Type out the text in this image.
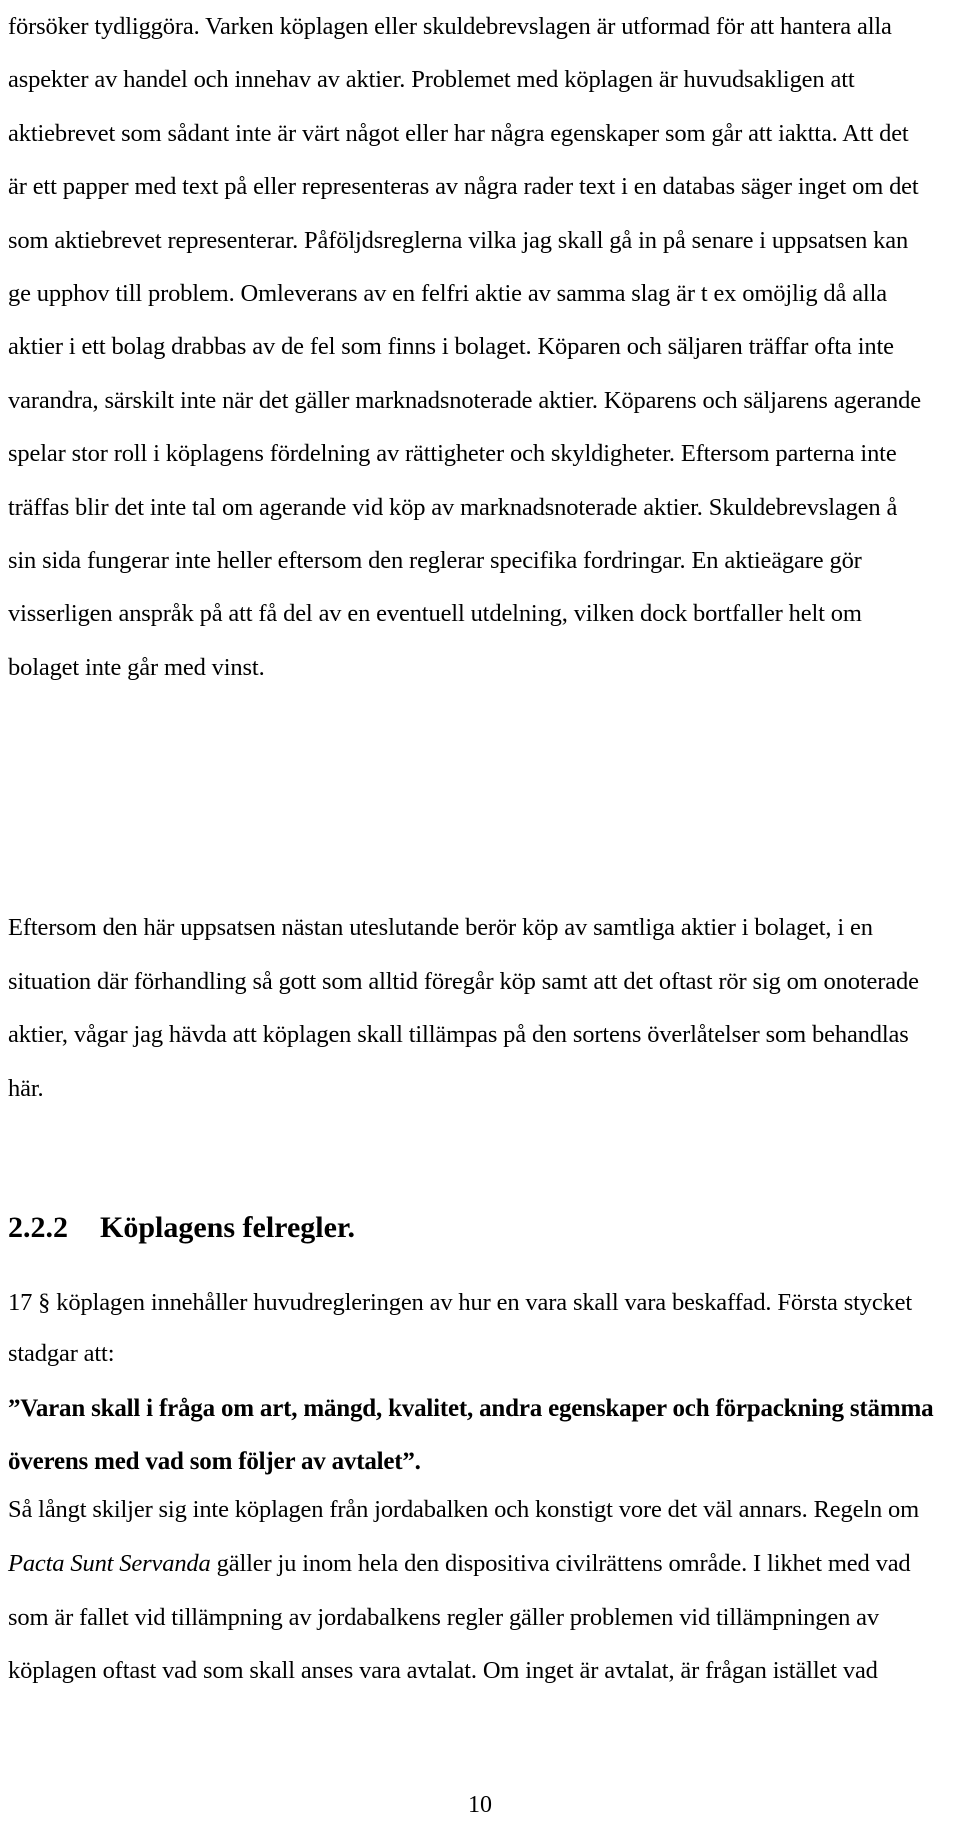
försöker tydliggöra. Varken köplagen eller skuldebrevslagen är utformad för att hantera alla aspekter av handel och innehav av aktier. Problemet med köplagen är huvudsakligen att aktiebrevet som sådant inte är värt något eller har några egenskaper som går att iaktta. Att det är ett papper med text på eller representeras av några rader text i en databas säger inget om det som aktiebrevet representerar. Påföljdsreglerna vilka jag skall gå in på senare i uppsatsen kan ge upphov till problem. Omleverans av en felfri aktie av samma slag är t ex omöjlig då alla aktier i ett bolag drabbas av de fel som finns i bolaget. Köparen och säljaren träffar ofta inte varandra, särskilt inte när det gäller marknadsnoterade aktier. Köparens och säljarens agerande spelar stor roll i köplagens fördelning av rättigheter och skyldigheter. Eftersom parterna inte träffas blir det inte tal om agerande vid köp av marknadsnoterade aktier. Skuldebrevslagen å sin sida fungerar inte heller eftersom den reglerar specifika fordringar. En aktieägare gör visserligen anspråk på att få del av en eventuell utdelning, vilken dock bortfaller helt om bolaget inte går med vinst.

Eftersom den här uppsatsen nästan uteslutande berör köp av samtliga aktier i bolaget, i en situation där förhandling så gott som alltid föregår köp samt att det oftast rör sig om onoterade aktier, vågar jag hävda att köplagen skall tillämpas på den sortens överlåtelser som behandlas här.

2.2.2 Köplagens felregler.

17 § köplagen innehåller huvudregleringen av hur en vara skall vara beskaffad. Första stycket stadgar att:

”Varan skall i fråga om art, mängd, kvalitet, andra egenskaper och förpackning stämma överens med vad som följer av avtalet”.

Så långt skiljer sig inte köplagen från jordabalken och konstigt vore det väl annars. Regeln om Pacta Sunt Servanda gäller ju inom hela den dispositiva civilrättens område. I likhet med vad som är fallet vid tillämpning av jordabalkens regler gäller problemen vid tillämpningen av köplagen oftast vad som skall anses vara avtalat. Om inget är avtalat, är frågan istället vad

10
